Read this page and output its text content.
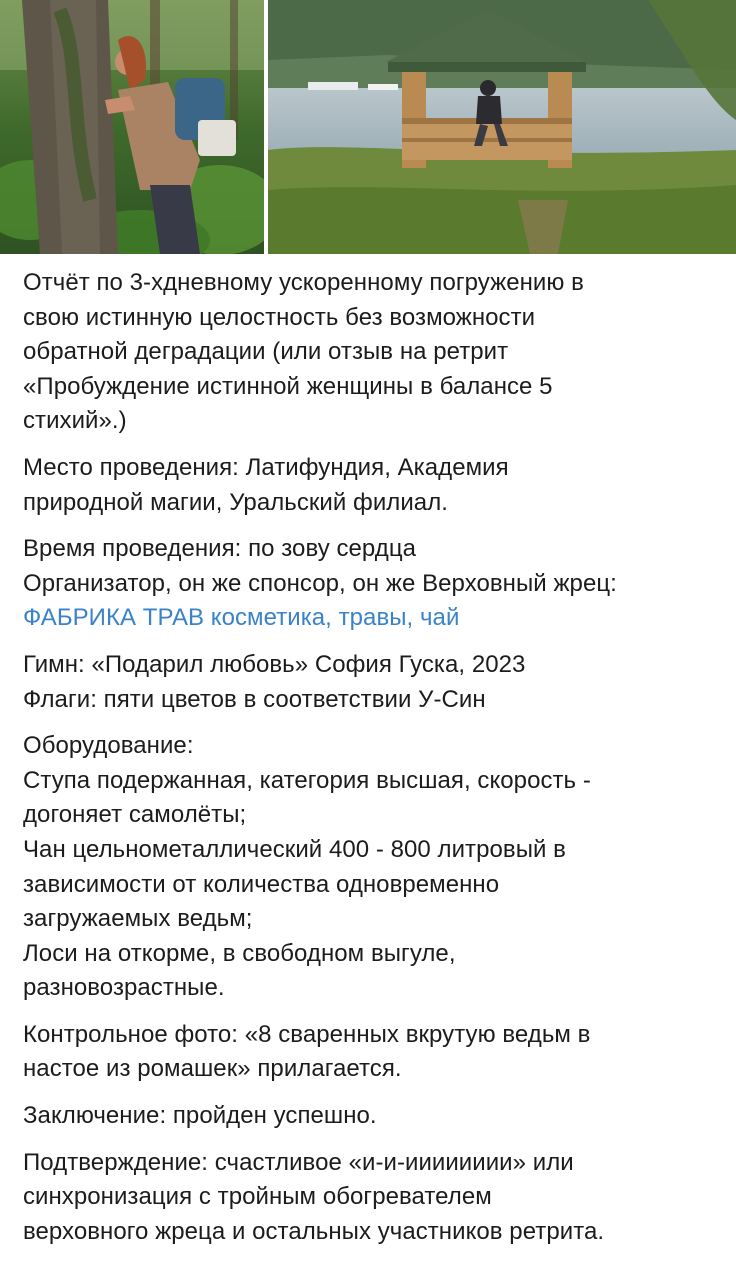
Отчёт по 3-хдневному ускоренному погружению в
свою истинную целостность без возможности
обратной деградации (или отзыв на ретрит
«Пробуждение истинной женщины в балансе 5
стихий».)

Место проведения: Латифундия, Академия
природной магии, Уральский филиал.

Время проведения: по зову сердца
Организатор, он же спонсор, он же Верховный жрец:
ФАБРИКА ТРАВ косметика, травы, чай

Гимн: «Подарил любовь» София Гуска, 2023
Флаги: пяти цветов в соответствии У-Син

Оборудование:
Ступа подержанная, категория высшая, скорость -
догоняет самолёты;
Чан цельнометаллический 400 - 800 литровый в
зависимости от количества одновременно
загружаемых ведьм;
Лоси на откорме, в свободном выгуле,
разновозрастные.

Контрольное фото: «8 сваренных вкрутую ведьм в
настое из ромашек» прилагается.

Заключение: пройден успешно.

Подтверждение: счастливое «и-и-ииииииии» или
синхронизация с тройным обогревателем
верховного жреца и остальных участников ретрита.
